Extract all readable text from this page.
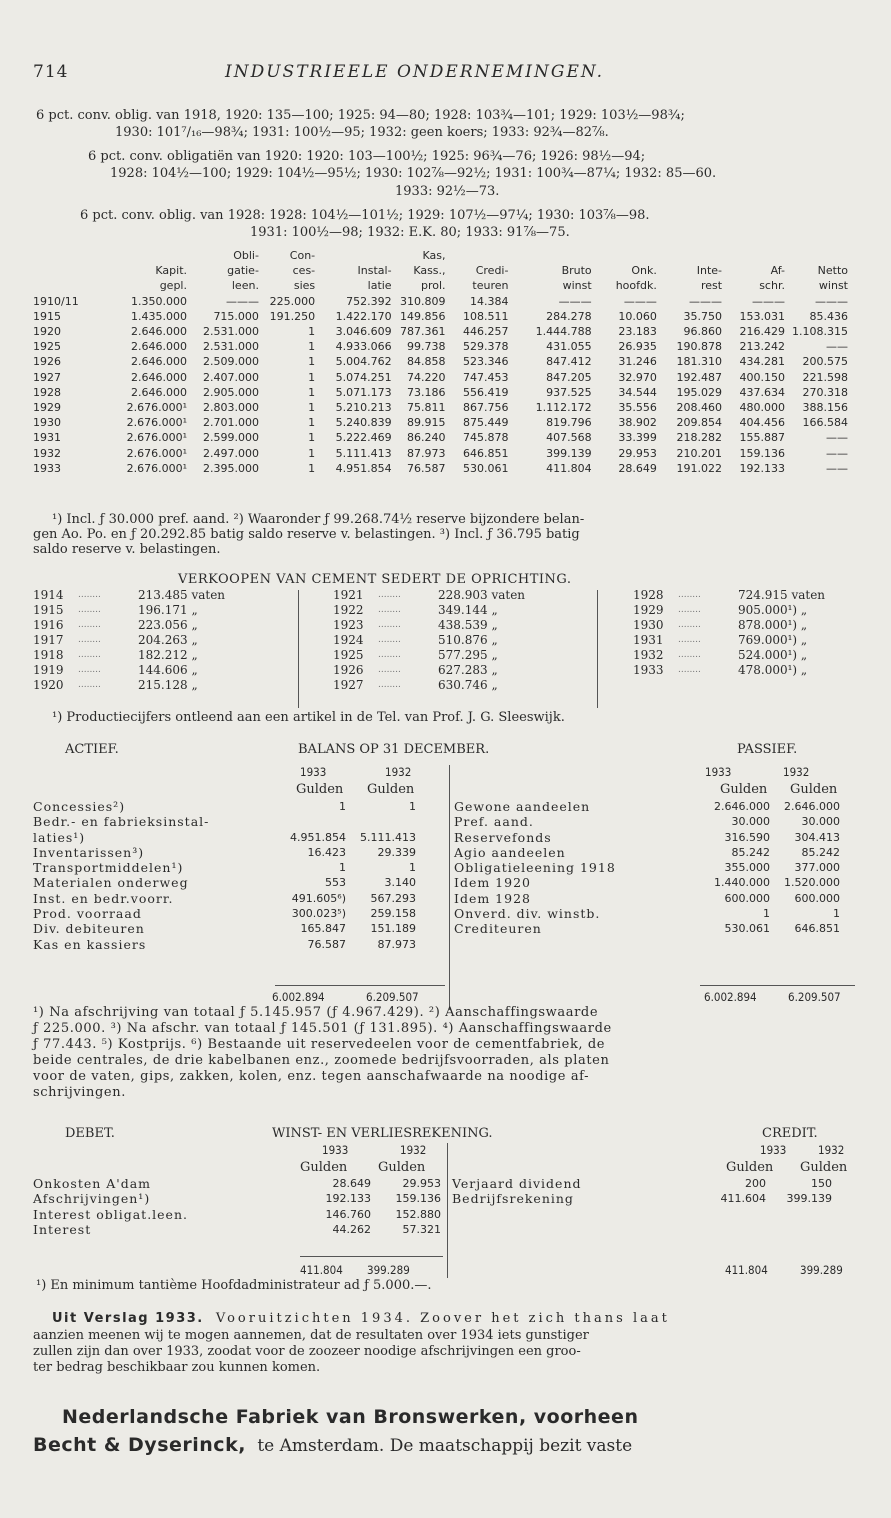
714	INDUSTRIEELE ONDERNEMINGEN.
6 pct. conv. oblig. van 1918, 1920: 135—100; 1925: 94—80; 1928: 103¾—101; 1929: 103½—98¾;
1930: 101⁷/₁₆—98¾; 1931: 100½—95; 1932: geen koers; 1933: 92¾—82⅞.
6 pct. conv. obligatiën van 1920: 1920: 103—100½; 1925: 96¾—76; 1926: 98½—94;
1928: 104½—100; 1929: 104½—95½; 1930: 102⅞—92½; 1931: 100¾—87¼; 1932: 85—60.
1933: 92½—73.
6 pct. conv. oblig. van 1928: 1928: 104½—101½; 1929: 107½—97¼; 1930: 103⅞—98.
1931: 100½—98; 1932: E.K. 80; 1933: 91⅞—75.
		Obli-	Con-		Kas,						
	Kapit.	gatie-	ces-	Instal-	Kass.,	Credi-	Bruto	Onk.	Inte-	Af-	Netto
	gepl.	leen.	sies	latie	prol.	teuren	winst	hoofdk.	rest	schr.	winst
1910/11	1.350.000	———	225.000	752.392	310.809	14.384	———	———	———	———	———
1915	1.435.000	715.000	191.250	1.422.170	149.856	108.511	284.278	10.060	35.750	153.031	85.436
1920	2.646.000	2.531.000	1	3.046.609	787.361	446.257	1.444.788	23.183	96.860	216.429	1.108.315
1925	2.646.000	2.531.000	1	4.933.066	99.738	529.378	431.055	26.935	190.878	213.242	——
1926	2.646.000	2.509.000	1	5.004.762	84.858	523.346	847.412	31.246	181.310	434.281	200.575
1927	2.646.000	2.407.000	1	5.074.251	74.220	747.453	847.205	32.970	192.487	400.150	221.598
1928	2.646.000	2.905.000	1	5.071.173	73.186	556.419	937.525	34.544	195.029	437.634	270.318
1929	2.676.000¹	2.803.000	1	5.210.213	75.811	867.756	1.112.172	35.556	208.460	480.000	388.156
1930	2.676.000¹	2.701.000	1	5.240.839	89.915	875.449	819.796	38.902	209.854	404.456	166.584
1931	2.676.000¹	2.599.000	1	5.222.469	86.240	745.878	407.568	33.399	218.282	155.887	——
1932	2.676.000¹	2.497.000	1	5.111.413	87.973	646.851	399.139	29.953	210.201	159.136	——
1933	2.676.000¹	2.395.000	1	4.951.854	76.587	530.061	411.804	28.649	191.022	192.133	——
¹) Incl. ƒ 30.000 pref. aand. ²) Waaronder ƒ 99.268.74½ reserve bijzondere belan-
gen Ao. Po. en ƒ 20.292.85 batig saldo reserve v. belastingen. ³) Incl. ƒ 36.795 batig
saldo reserve v. belastingen.
VERKOOPEN VAN CEMENT SEDERT DE OPRICHTING.
1914	........	213.485 vaten
1915	........	196.171 „
1916	........	223.056 „
1917	........	204.263 „
1918	........	182.212 „
1919	........	144.606 „
1920	........	215.128 „
1921	........	228.903 vaten
1922	........	349.144 „
1923	........	438.539 „
1924	........	510.876 „
1925	........	577.295 „
1926	........	627.283 „
1927	........	630.746 „
1928	........	724.915 vaten
1929	........	905.000¹) „
1930	........	878.000¹) „
1931	........	769.000¹) „
1932	........	524.000¹) „
1933	........	478.000¹) „
¹) Productiecijfers ontleend aan een artikel in de Tel. van Prof. J. G. Sleeswijk.
ACTIEF.	BALANS OP 31 DECEMBER.	PASSIEF.
1933	1932	1933	1932
Gulden Gulden	Gulden Gulden
Concessies²)	1	1
Bedr.- en fabrieksinstal-		
laties¹)	4.951.854	5.111.413
Inventarissen³)	16.423	29.339
Transportmiddelen¹)	1	1
Materialen onderweg	553	3.140
Inst. en bedr.voorr.	491.605⁶)	567.293
Prod. voorraad	300.023⁵)	259.158
Div. debiteuren	165.847	151.189
Kas en kassiers	76.587	87.973
Gewone aandeelen	2.646.000	2.646.000
Pref. aand.	30.000	30.000
Reservefonds	316.590	304.413
Agio aandeelen	85.242	85.242
Obligatieleening 1918	355.000	377.000
Idem 1920	1.440.000	1.520.000
Idem 1928	600.000	600.000
Onverd. div. winstb.	1	1
Crediteuren	530.061	646.851
6.002.894	6.209.507	6.002.894	6.209.507
¹) Na afschrijving van totaal ƒ 5.145.957 (ƒ 4.967.429). ²) Aanschaffingswaarde
ƒ 225.000. ³) Na afschr. van totaal ƒ 145.501 (ƒ 131.895). ⁴) Aanschaffingswaarde
ƒ 77.443. ⁵) Kostprijs. ⁶) Bestaande uit reservedeelen voor de cementfabriek, de
beide centrales, de drie kabelbanen enz., zoomede bedrijfsvoorraden, als platen
voor de vaten, gips, zakken, kolen, enz. tegen aanschafwaarde na noodige af-
schrijvingen.
DEBET.	WINST- EN VERLIESREKENING.	CREDIT.
1933	1932	1933	1932
Gulden Gulden	Gulden Gulden
Onkosten A'dam	28.649	29.953
Afschrijvingen¹)	192.133	159.136
Interest obligat.leen.	146.760	152.880
Interest	44.262	57.321
Verjaard dividend	200	150
Bedrijfsrekening	411.604	399.139
411.804 399.289	411.804	399.289
¹) En minimum tantième Hoofdadministrateur ad ƒ 5.000.—.
Uit Verslag 1933. Vooruitzichten 1934. Zoover het zich thans laat
aanzien meenen wij te mogen aannemen, dat de resultaten over 1934 iets gunstiger
zullen zijn dan over 1933, zoodat voor de zoozeer noodige afschrijvingen een groo-
ter bedrag beschikbaar zou kunnen komen.
Nederlandsche Fabriek van Bronswerken, voorheen
Becht & Dyserinck, te Amsterdam. De maatschappij bezit vaste
